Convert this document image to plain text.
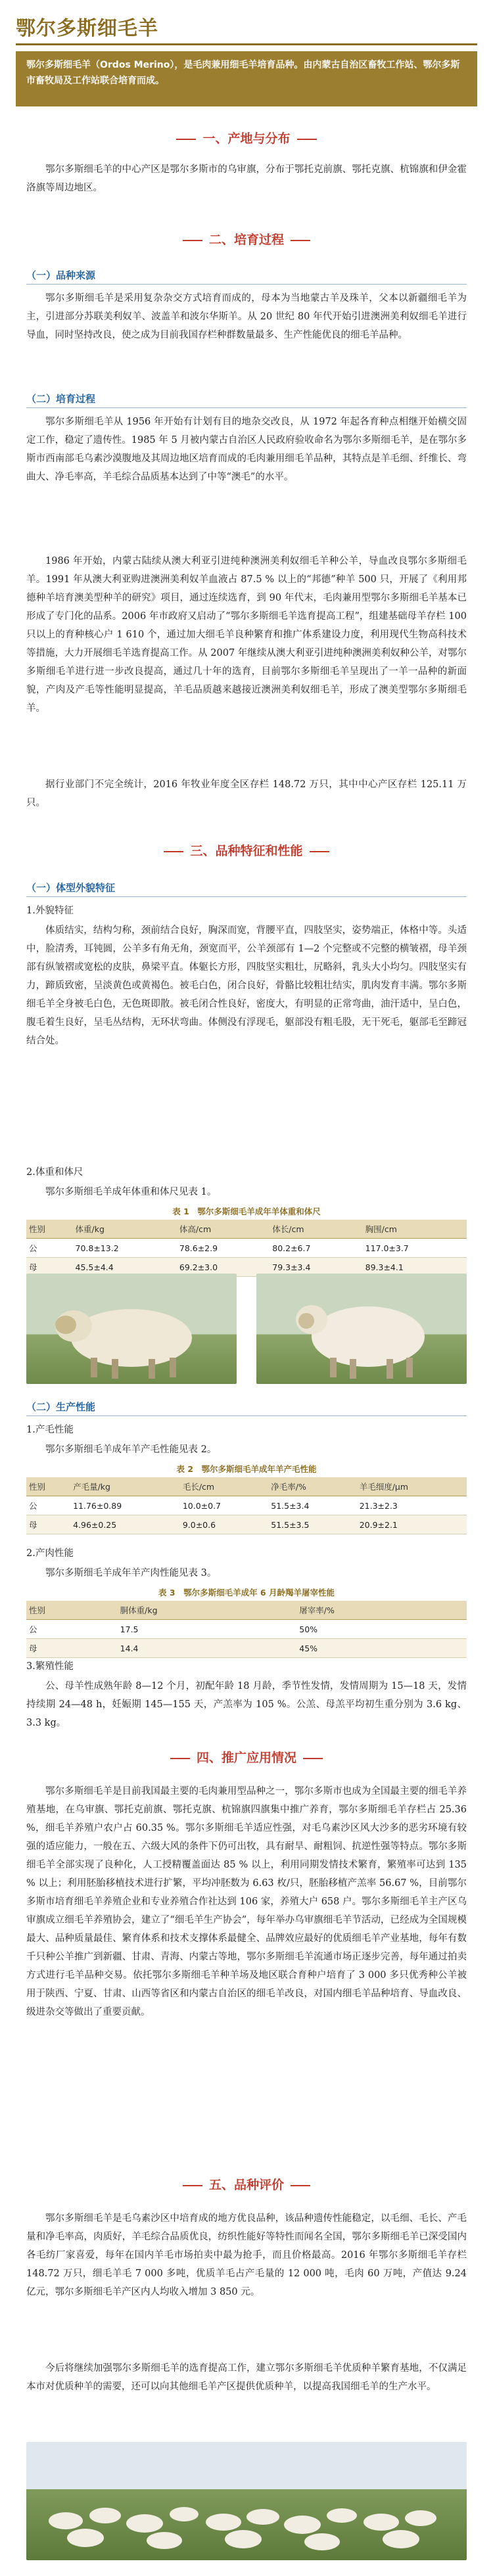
鄂尔多斯细毛羊
鄂尔多斯细毛羊（Ordos Merino），是毛肉兼用细毛羊培育品种。由内蒙古自治区畜牧工作站、鄂尔多斯市畜牧局及工作站联合培育而成。
一、产地与分布
鄂尔多斯细毛羊的中心产区是鄂尔多斯市的乌审旗，分布于鄂托克前旗、鄂托克旗、杭锦旗和伊金霍洛旗等周边地区。
二、培育过程
（一）品种来源
鄂尔多斯细毛羊是采用复杂杂交方式培育而成的，母本为当地蒙古羊及珠羊，父本以新疆细毛羊为主，引进部分苏联美利奴羊、波盖羊和波尔华斯羊。从 20 世纪 80 年代开始引进澳洲美利奴细毛羊进行导血，同时坚持改良，使之成为目前我国存栏种群数量最多、生产性能优良的细毛羊品种。
（二）培育过程
鄂尔多斯细毛羊从 1956 年开始有计划有目的地杂交改良，从 1972 年起各育种点相继开始横交固定工作，稳定了遗传性。1985 年 5 月被内蒙古自治区人民政府验收命名为鄂尔多斯细毛羊，是在鄂尔多斯市西南部毛乌素沙漠腹地及其周边地区培育而成的毛肉兼用细毛羊品种，其特点是羊毛细、纤维长、弯曲大、净毛率高，羊毛综合品质基本达到了中等“澳毛”的水平。
1986 年开始，内蒙古陆续从澳大利亚引进纯种澳洲美利奴细毛羊种公羊，导血改良鄂尔多斯细毛羊。1991 年从澳大利亚购进澳洲美利奴羊血液占 87.5 % 以上的“邦德”种羊 500 只，开展了《利用邦德种羊培育澳美型种羊的研究》项目，通过连续选育，到 90 年代末，毛肉兼用型鄂尔多斯细毛羊基本已形成了专门化的品系。2006 年市政府又启动了“鄂尔多斯细毛羊选育提高工程”，组建基础母羊存栏 100 只以上的育种核心户 1 610 个，通过加大细毛羊良种繁育和推广体系建设力度，利用现代生物高科技术等措施，大力开展细毛羊选育提高工作。从 2007 年继续从澳大利亚引进纯种澳洲美利奴种公羊，对鄂尔多斯细毛羊进行进一步改良提高，通过几十年的选育，目前鄂尔多斯细毛羊呈现出了一羊一品种的新面貌，产肉及产毛等性能明显提高，羊毛品质越来越接近澳洲美利奴细毛羊，形成了澳美型鄂尔多斯细毛羊。
据行业部门不完全统计，2016 年牧业年度全区存栏 148.72 万只，其中中心产区存栏 125.11 万只。
三、品种特征和性能
（一）体型外貌特征
1.外貌特征
体质结实，结构匀称，颈前结合良好，胸深而宽，背腰平直，四肢坚实，姿势端正，体格中等。头适中，脸清秀，耳钝圆，公羊多有角无角，颈宽而平，公羊颈部有 1—2 个完整或不完整的横皱褶，母羊颈部有纵皱褶或宽松的皮肤，鼻梁平直。体躯长方形，四肢坚实粗壮，尻略斜，乳头大小均匀。四肢坚实有力，蹄质致密，呈淡黄色或黄褐色。被毛白色，闭合良好，骨骼比较粗壮结实，肌肉发育丰满。鄂尔多斯细毛羊全身被毛白色，无色斑即散。被毛闭合性良好，密度大，有明显的正常弯曲，油汗适中，呈白色，腹毛着生良好，呈毛丛结构，无环状弯曲。体侧没有浮现毛，躯部没有粗毛股，无干死毛，躯部毛至蹄冠结合处。
2.体重和体尺
鄂尔多斯细毛羊成年体重和体尺见表 1。
表 1　鄂尔多斯细毛羊成年羊体重和体尺
性别	体重/kg	体高/cm	体长/cm	胸围/cm
公	70.8±13.2	78.6±2.9	80.2±6.7	117.0±3.7
母	45.5±4.4	69.2±3.0	79.3±3.4	89.3±4.1
（二）生产性能
1.产毛性能
鄂尔多斯细毛羊成年羊产毛性能见表 2。
表 2　鄂尔多斯细毛羊成年羊产毛性能
性别	产毛量/kg	毛长/cm	净毛率/%	羊毛细度/μm
公	11.76±0.89	10.0±0.7	51.5±3.4	21.3±2.3
母	4.96±0.25	9.0±0.6	51.5±3.5	20.9±2.1
2.产肉性能
鄂尔多斯细毛羊成年羊产肉性能见表 3。
表 3　鄂尔多斯细毛羊成年 6 月龄羯羊屠宰性能
性别	胴体重/kg	屠宰率/%
公	17.5	50%
母	14.4	45%
3.繁殖性能
公、母羊性成熟年龄 8—12 个月，初配年龄 18 月龄，季节性发情，发情周期为 15—18 天，发情持续期 24—48 h，妊娠期 145—155 天，产羔率为 105 %。公羔、母羔平均初生重分别为 3.6 kg、3.3 kg。
四、推广应用情况
鄂尔多斯细毛羊是目前我国最主要的毛肉兼用型品种之一，鄂尔多斯市也成为全国最主要的细毛羊养殖基地，在乌审旗、鄂托克前旗、鄂托克旗、杭锦旗四旗集中推广养育，鄂尔多斯细毛羊存栏占 25.36 %，细毛羊养殖户农户占 60.35 %。鄂尔多斯细毛羊适应性强，对毛乌素沙区风大沙多的恶劣环境有较强的适应能力，一般在五、六级大风的条件下仍可出牧，具有耐旱、耐粗饲、抗逆性强等特点。鄂尔多斯细毛羊全部实现了良种化，人工授精覆盖面达 85 % 以上，利用同期发情技术繁育，繁殖率可达到 135 % 以上；利用胚胎移植技术进行扩繁，平均冲胚数为 6.63 枚/只，胚胎移植产羔率 56.67 %，目前鄂尔多斯市培育细毛羊养殖企业和专业养殖合作社达到 106 家，养殖大户 658 户。鄂尔多斯细毛羊主产区乌审旗成立细毛羊养殖协会，建立了“细毛羊生产协会”，每年举办乌审旗细毛羊节活动，已经成为全国规模最大、品种质量最佳、繁育体系和技术支撑体系最健全、品牌效应最好的优质细毛羊产业基地，每年有数千只种公羊推广到新疆、甘肃、青海、内蒙古等地，鄂尔多斯细毛羊流通市场正逐步完善，每年通过拍卖方式进行毛羊品种交易。依托鄂尔多斯细毛羊种羊场及地区联合育种户培育了 3 000 多只优秀种公羊被用于陕西、宁夏、甘肃、山西等省区和内蒙古自治区的细毛羊改良，对国内细毛羊品种培育、导血改良、级进杂交等做出了重要贡献。
五、品种评价
鄂尔多斯细毛羊是毛乌素沙区中培育成的地方优良品种，该品种遗传性能稳定，以毛细、毛长、产毛量和净毛率高，肉质好，羊毛综合品质优良，纺织性能好等特性而闻名全国，鄂尔多斯细毛羊已深受国内各毛纺厂家喜爱，每年在国内羊毛市场拍卖中最为抢手，而且价格最高。2016 年鄂尔多斯细毛羊存栏 148.72 万只，细毛羊毛 7 000 多吨，优质羊毛占产毛量的 12 000 吨，毛肉 60 万吨，产值达 9.24 亿元，鄂尔多斯细毛羊产区内人均收入增加 3 850 元。
今后将继续加强鄂尔多斯细毛羊的选育提高工作，建立鄂尔多斯细毛羊优质种羊繁育基地，不仅满足本市对优质种羊的需要，还可以向其他细毛羊产区提供优质种羊，以提高我国细毛羊的生产水平。
